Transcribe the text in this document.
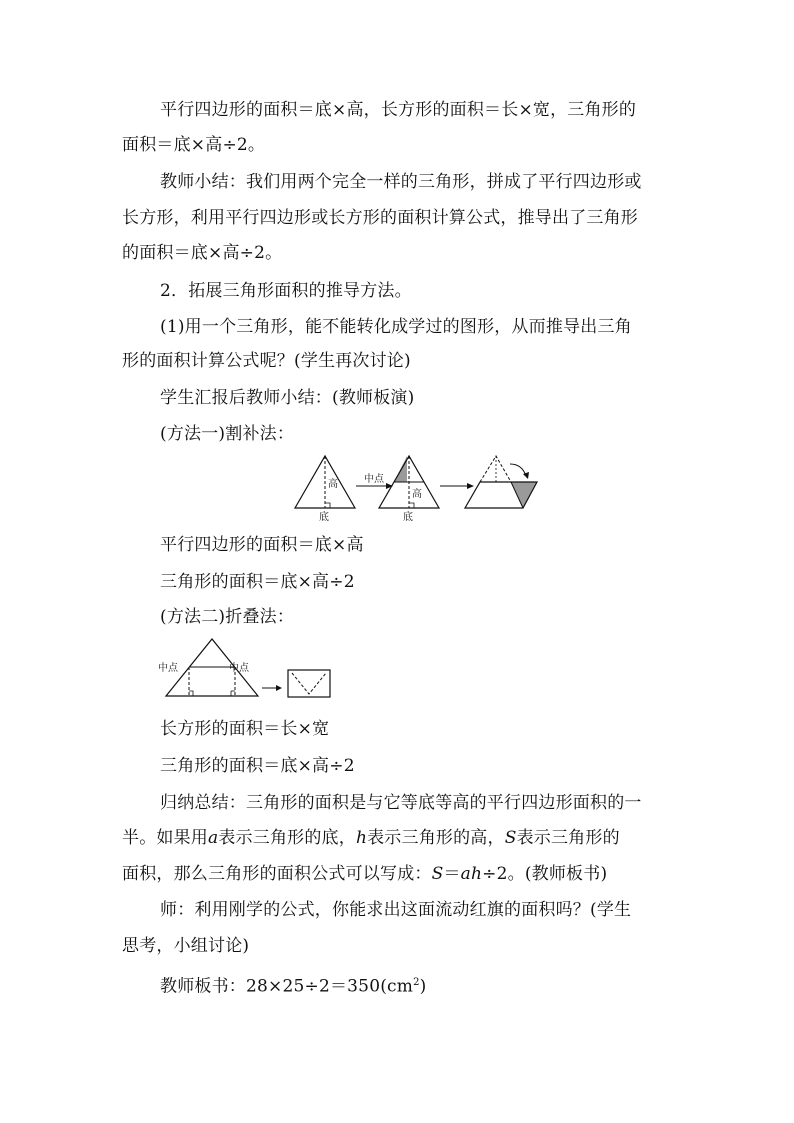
平行四边形的面积＝底×高，长方形的面积＝长×宽，三角形的
面积＝底×高÷2。
教师小结：我们用两个完全一样的三角形，拼成了平行四边形或
长方形，利用平行四边形或长方形的面积计算公式，推导出了三角形
的面积＝底×高÷2。
2．拓展三角形面积的推导方法。
(1)用一个三角形，能不能转化成学过的图形，从而推导出三角
形的面积计算公式呢？(学生再次讨论)
学生汇报后教师小结：(教师板演)
(方法一)割补法：
高
底
中点
高
底
平行四边形的面积＝底×高
三角形的面积＝底×高÷2
(方法二)折叠法：
中点	中点
长方形的面积＝长×宽
三角形的面积＝底×高÷2
归纳总结：三角形的面积是与它等底等高的平行四边形面积的一
半。如果用a表示三角形的底，h表示三角形的高，S表示三角形的
面积，那么三角形的面积公式可以写成：S＝ah÷2。(教师板书)
师：利用刚学的公式，你能求出这面流动红旗的面积吗？(学生
思考，小组讨论)
教师板书：$28\times 25\div 2=350(cm^2)$
